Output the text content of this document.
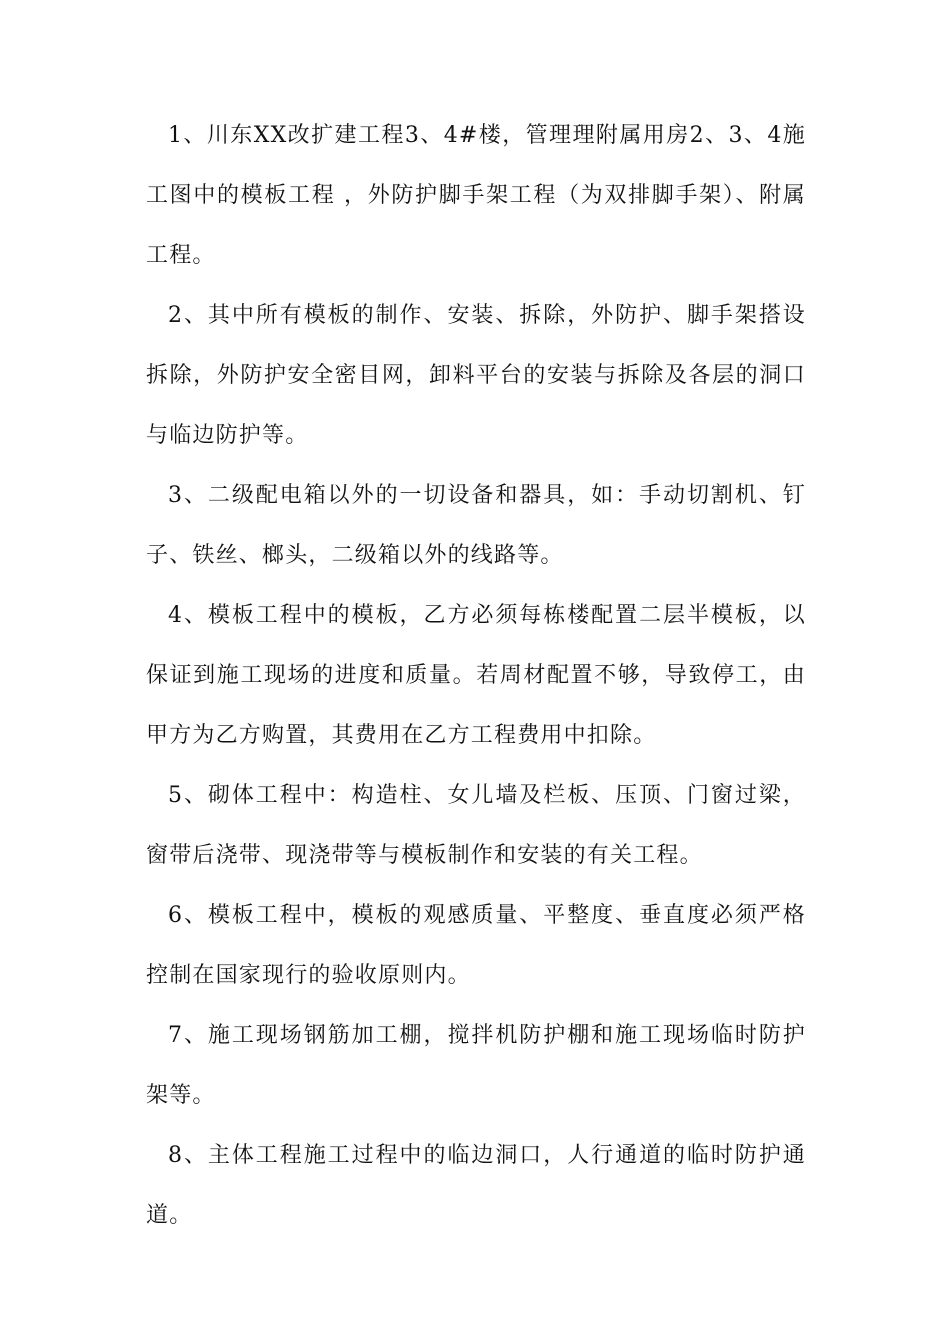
1、川东XX改扩建工程3、4#楼，管理理附属用房2、3、4施工图中的模板工程 ，外防护脚手架工程（为双排脚手架）、附属工程。

2、其中所有模板的制作、安装、拆除，外防护、脚手架搭设拆除，外防护安全密目网，卸料平台的安装与拆除及各层的洞口与临边防护等。

3、二级配电箱以外的一切设备和器具，如：手动切割机、钉子、铁丝、榔头，二级箱以外的线路等。

4、模板工程中的模板，乙方必须每栋楼配置二层半模板，以保证到施工现场的进度和质量。若周材配置不够，导致停工，由甲方为乙方购置，其费用在乙方工程费用中扣除。

5、砌体工程中：构造柱、女儿墙及栏板、压顶、门窗过梁，窗带后浇带、现浇带等与模板制作和安装的有关工程。

6、模板工程中，模板的观感质量、平整度、垂直度必须严格控制在国家现行的验收原则内。

7、施工现场钢筋加工棚，搅拌机防护棚和施工现场临时防护架等。

8、主体工程施工过程中的临边洞口，人行通道的临时防护通道。
